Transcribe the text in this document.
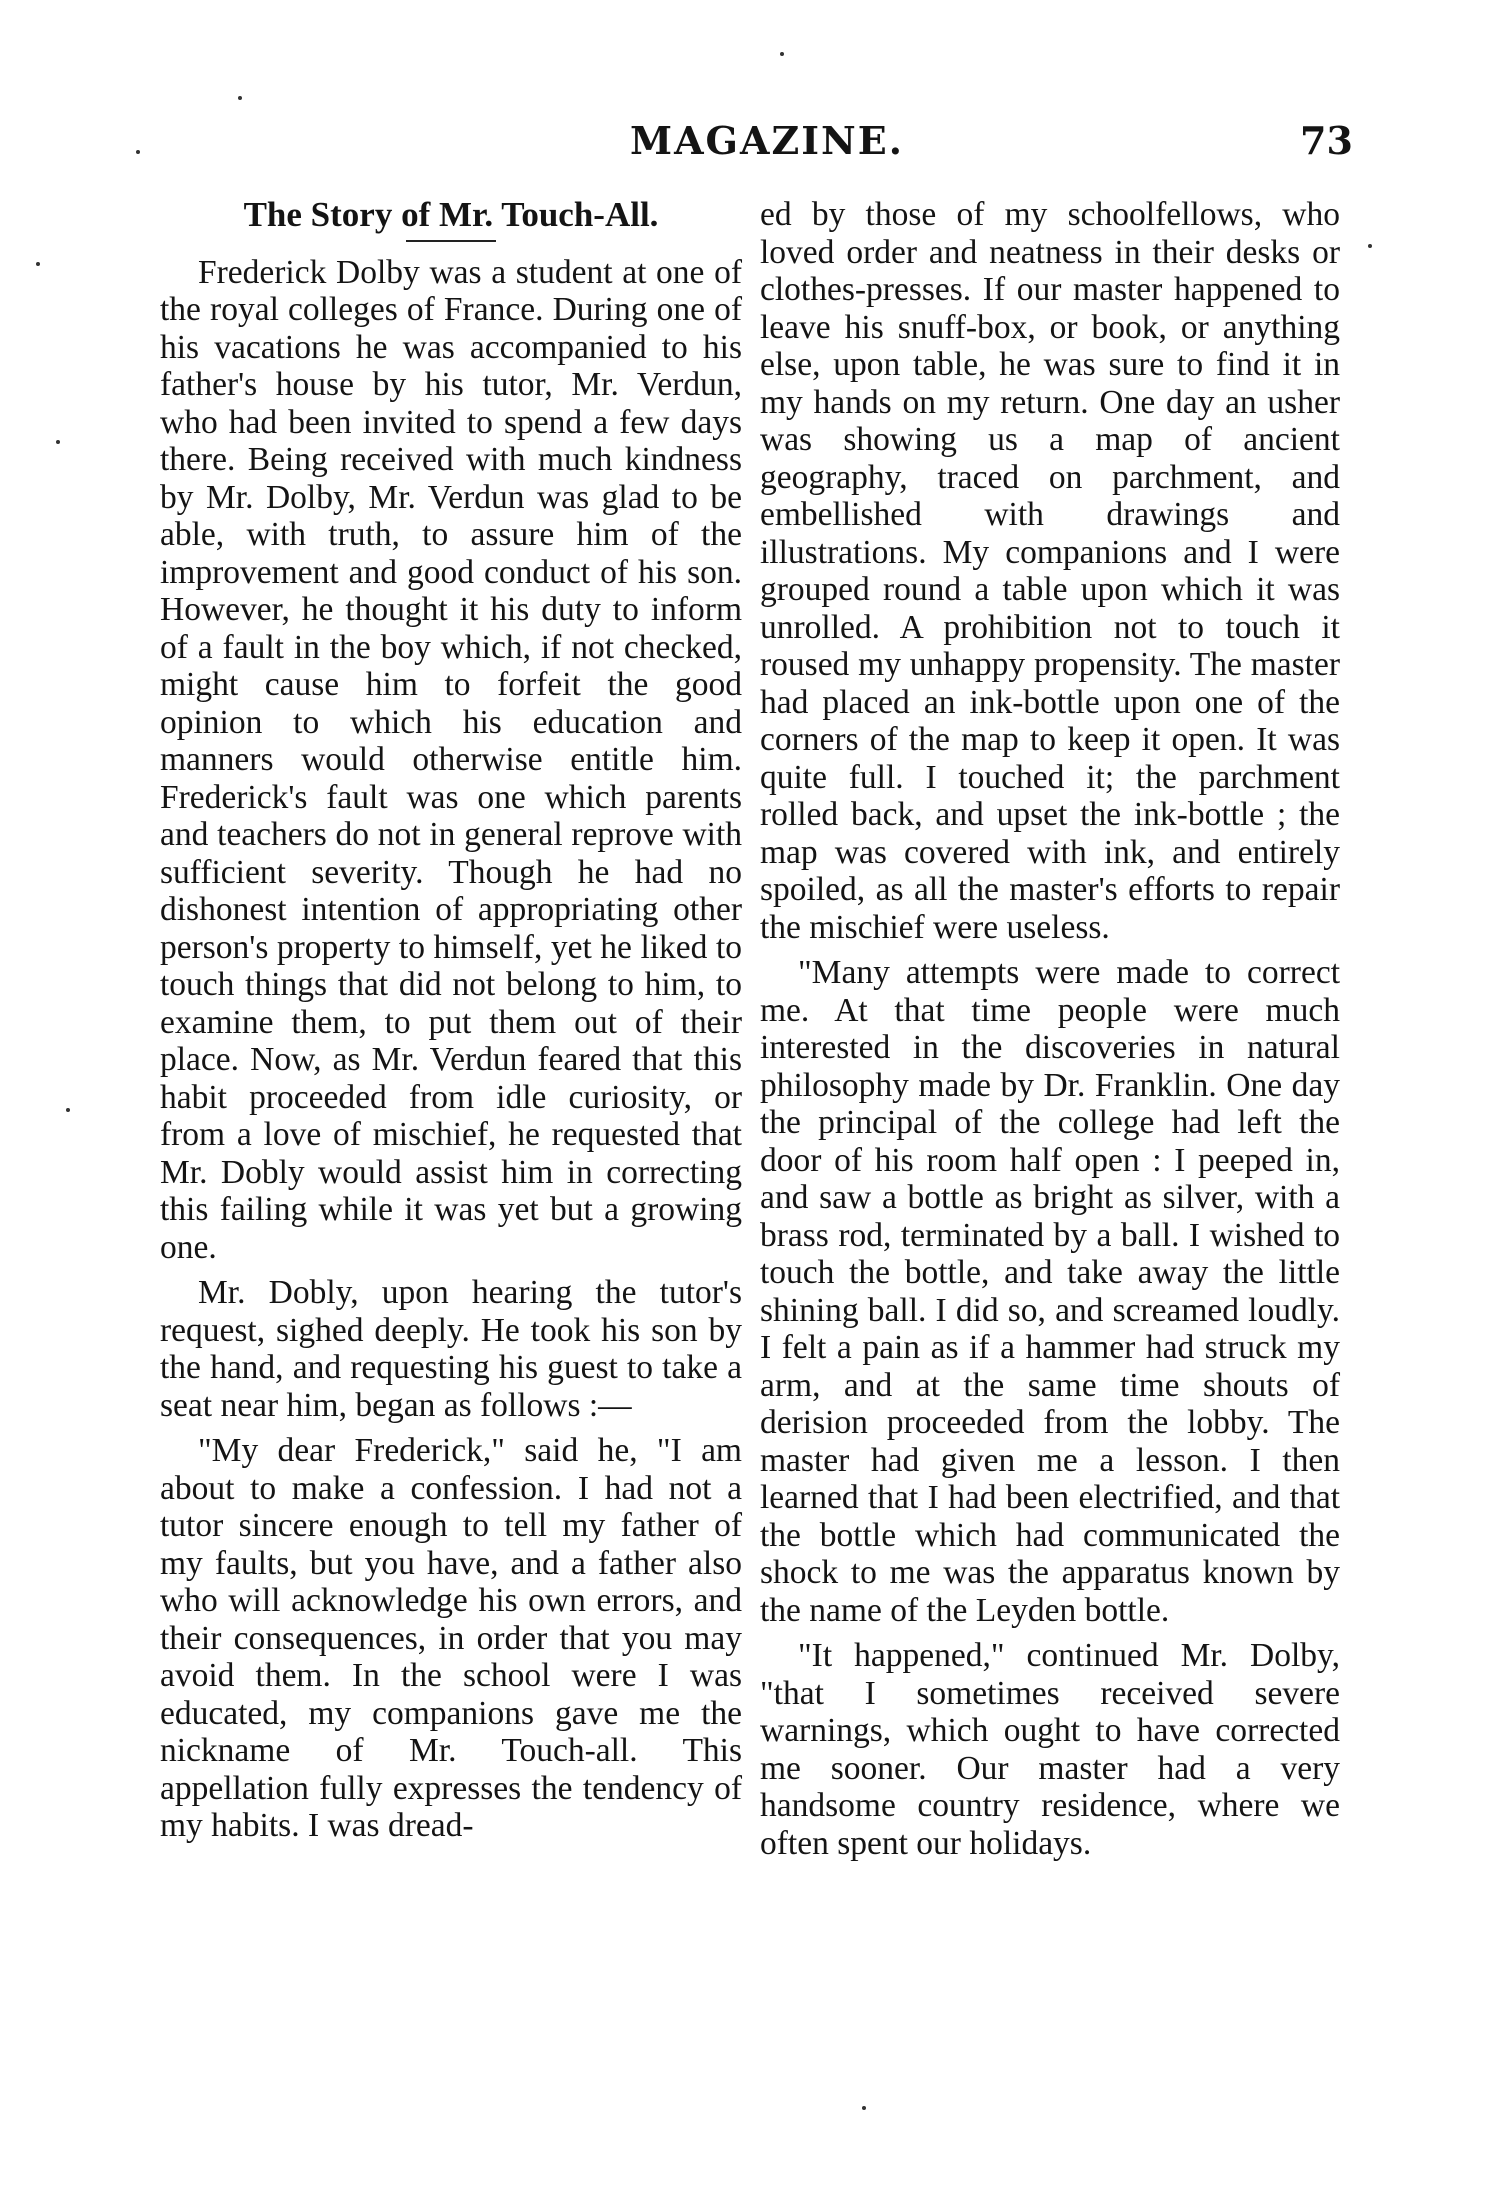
MAGAZINE.	73
The Story of Mr. Touch-All.

Frederick Dolby was a student at one of the royal colleges of France. During one of his vacations he was accompanied to his father's house by his tutor, Mr. Verdun, who had been invited to spend a few days there. Being received with much kindness by Mr. Dolby, Mr. Verdun was glad to be able, with truth, to assure him of the improvement and good conduct of his son. However, he thought it his duty to inform of a fault in the boy which, if not checked, might cause him to forfeit the good opinion to which his education and manners would otherwise entitle him. Frederick's fault was one which parents and teachers do not in general reprove with sufficient severity. Though he had no dishonest intention of appropriating other person's property to himself, yet he liked to touch things that did not belong to him, to examine them, to put them out of their place. Now, as Mr. Verdun feared that this habit proceeded from idle curiosity, or from a love of mischief, he requested that Mr. Dobly would assist him in correcting this failing while it was yet but a growing one.

Mr. Dobly, upon hearing the tutor's request, sighed deeply. He took his son by the hand, and requesting his guest to take a seat near him, began as follows :—

"My dear Frederick," said he, "I am about to make a confession. I had not a tutor sincere enough to tell my father of my faults, but you have, and a father also who will acknowledge his own errors, and their consequences, in order that you may avoid them. In the school were I was educated, my companions gave me the nickname of Mr. Touch-all. This appellation fully expresses the tendency of my habits. I was dread-

ed by those of my schoolfellows, who loved order and neatness in their desks or clothes-presses. If our master happened to leave his snuff-box, or book, or anything else, upon table, he was sure to find it in my hands on my return. One day an usher was showing us a map of ancient geography, traced on parchment, and embellished with drawings and illustrations. My companions and I were grouped round a table upon which it was unrolled. A prohibition not to touch it roused my unhappy propensity. The master had placed an ink-bottle upon one of the corners of the map to keep it open. It was quite full. I touched it; the parchment rolled back, and upset the ink-bottle ; the map was covered with ink, and entirely spoiled, as all the master's efforts to repair the mischief were useless.

"Many attempts were made to correct me. At that time people were much interested in the discoveries in natural philosophy made by Dr. Franklin. One day the principal of the college had left the door of his room half open : I peeped in, and saw a bottle as bright as silver, with a brass rod, terminated by a ball. I wished to touch the bottle, and take away the little shining ball. I did so, and screamed loudly. I felt a pain as if a hammer had struck my arm, and at the same time shouts of derision proceeded from the lobby. The master had given me a lesson. I then learned that I had been electrified, and that the bottle which had communicated the shock to me was the apparatus known by the name of the Leyden bottle.

"It happened," continued Mr. Dolby, "that I sometimes received severe warnings, which ought to have corrected me sooner. Our master had a very handsome country residence, where we often spent our holidays.
